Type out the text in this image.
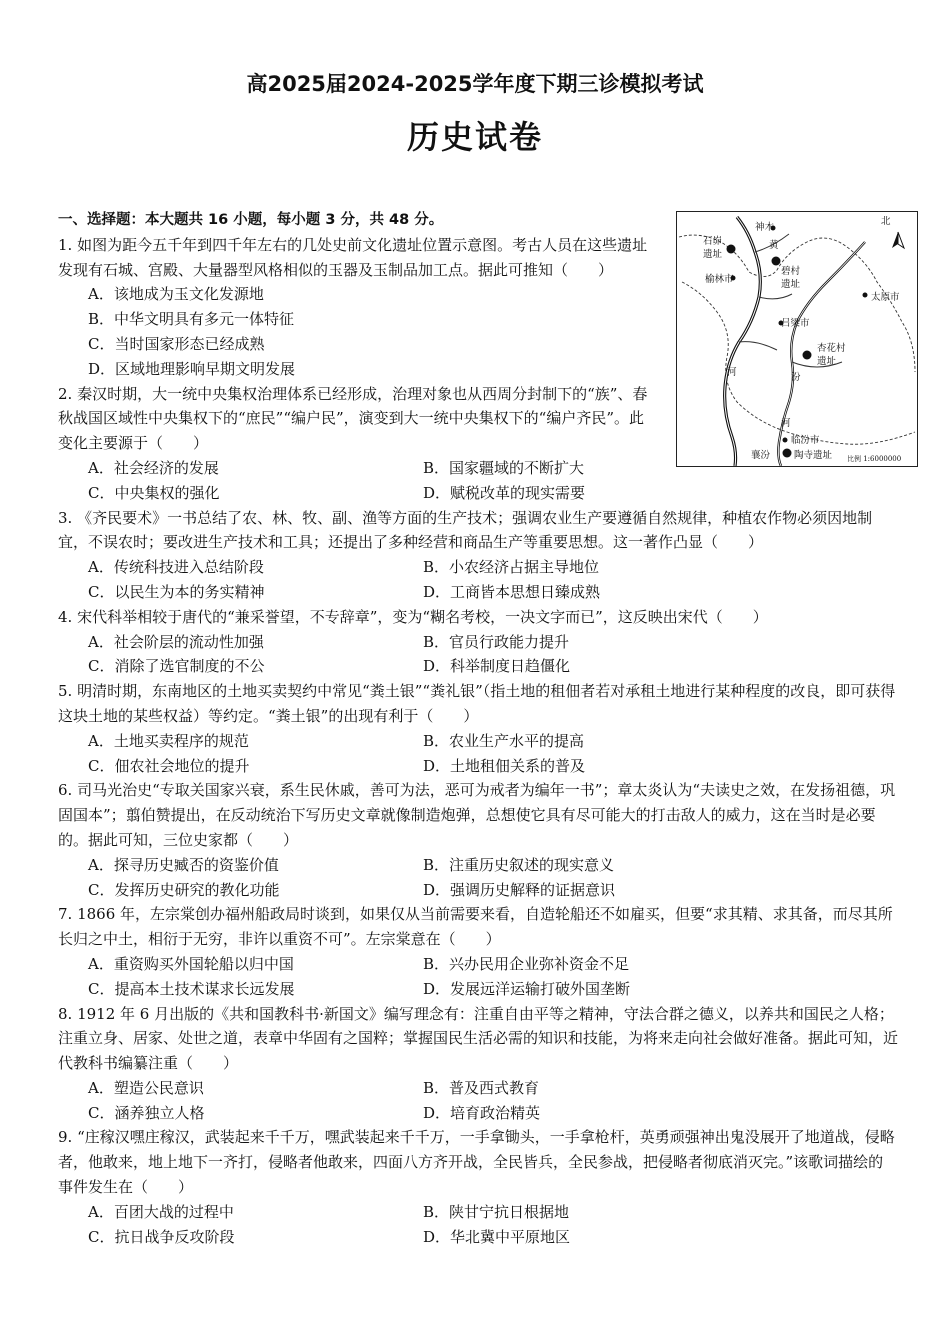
高2025届2024-2025学年度下期三诊模拟考试
历史试卷
北
石峁
遗址
神木
榆林市
黄
碧村
遗址
太原市
吕梁市
杏花村
遗址
河	汾
河
临汾市
襄汾	陶寺遗址 比例 1:6000000
一、选择题：本大题共 16 小题，每小题 3 分，共 48 分。

1. 如图为距今五千年到四千年左右的几处史前文化遗址位置示意图。考古人员在这些遗址发现有石城、宫殿、大量器型风格相似的玉器及玉制品加工点。据此可推知（　　）

A．该地成为玉文化发源地
B．中华文明具有多元一体特征
C．当时国家形态已经成熟
D．区域地理影响早期文明发展

2. 秦汉时期，大一统中央集权治理体系已经形成，治理对象也从西周分封制下的“族”、春秋战国区域性中央集权下的“庶民”“编户民”，演变到大一统中央集权下的“编户齐民”。此变化主要源于（　　）

A．社会经济的发展	B．国家疆域的不断扩大
C．中央集权的强化	D．赋税改革的现实需要

3. 《齐民要术》一书总结了农、林、牧、副、渔等方面的生产技术；强调农业生产要遵循自然规律，种植农作物必须因地制宜，不误农时；要改进生产技术和工具；还提出了多种经营和商品生产等重要思想。这一著作凸显（　　）

A．传统科技进入总结阶段	B．小农经济占据主导地位
C．以民生为本的务实精神	D．工商皆本思想日臻成熟

4. 宋代科举相较于唐代的“兼采誉望，不专辞章”，变为“糊名考校，一决文字而已”，这反映出宋代（　　）

A．社会阶层的流动性加强	B．官员行政能力提升
C．消除了选官制度的不公	D．科举制度日趋僵化

5. 明清时期，东南地区的土地买卖契约中常见“粪土银”“粪礼银”（指土地的租佃者若对承租土地进行某种程度的改良，即可获得这块土地的某些权益）等约定。“粪土银”的出现有利于（　　）

A．土地买卖程序的规范	B．农业生产水平的提高
C．佃农社会地位的提升	D．土地租佃关系的普及

6. 司马光治史“专取关国家兴衰，系生民休戚，善可为法，恶可为戒者为编年一书”；章太炎认为“夫读史之效，在发扬祖德，巩固国本”；翦伯赞提出，在反动统治下写历史文章就像制造炮弹，总想使它具有尽可能大的打击敌人的威力，这在当时是必要的。据此可知，三位史家都（　　）

A．探寻历史臧否的资鉴价值	B．注重历史叙述的现实意义
C．发挥历史研究的教化功能	D．强调历史解释的证据意识

7. 1866 年，左宗棠创办福州船政局时谈到，如果仅从当前需要来看，自造轮船还不如雇买，但要“求其精、求其备，而尽其所长归之中土，相衍于无穷，非许以重资不可”。左宗棠意在（　　）

A．重资购买外国轮船以归中国	B．兴办民用企业弥补资金不足
C．提高本土技术谋求长远发展	D．发展远洋运输打破外国垄断

8. 1912 年 6 月出版的《共和国教科书·新国文》编写理念有：注重自由平等之精神，守法合群之德义，以养共和国民之人格；注重立身、居家、处世之道，表章中华固有之国粹；掌握国民生活必需的知识和技能，为将来走向社会做好准备。据此可知，近代教科书编纂注重（　　）

A．塑造公民意识	B．普及西式教育
C．涵养独立人格	D．培育政治精英

9. “庄稼汉嘿庄稼汉，武装起来千千万，嘿武装起来千千万，一手拿锄头，一手拿枪杆，英勇顽强神出鬼没展开了地道战，侵略者，他敢来，地上地下一齐打，侵略者他敢来，四面八方齐开战，全民皆兵，全民参战，把侵略者彻底消灭完。”该歌词描绘的事件发生在（　　）

A．百团大战的过程中	B．陕甘宁抗日根据地
C．抗日战争反攻阶段	D．华北冀中平原地区
